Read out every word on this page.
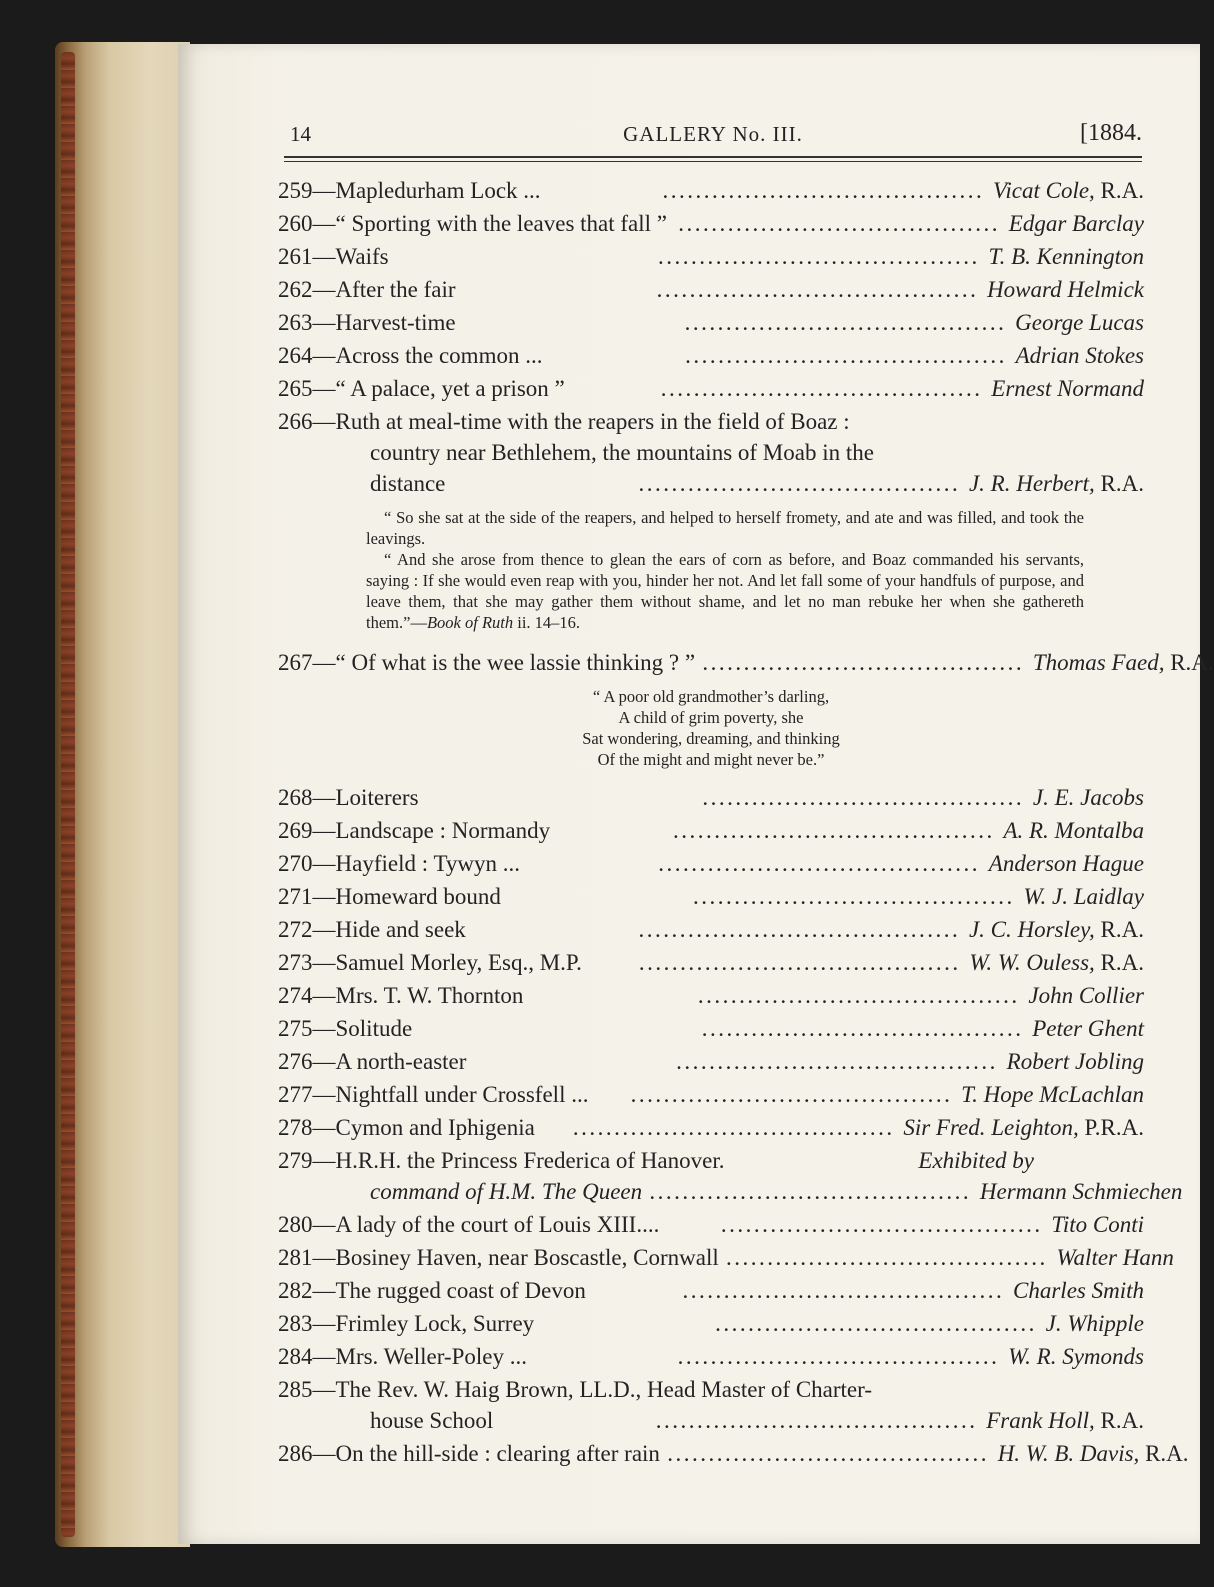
14	GALLERY No. III.	[1884.
259—Mapledurham Lock ...	....................................... Vicat Cole, R.A.
260—“ Sporting with the leaves that fall ” ....................................... Edgar Barclay
261—Waifs	....................................... T. B. Kennington
262—After the fair	....................................... Howard Helmick
263—Harvest-time	....................................... George Lucas
264—Across the common ...	....................................... Adrian Stokes
265—“ A palace, yet a prison ”	....................................... Ernest Normand
266—Ruth at meal-time with the reapers in the field of Boaz :
country near Bethlehem, the mountains of Moab in the
distance	....................................... J. R. Herbert, R.A.

“ So she sat at the side of the reapers, and helped to herself fromety, and ate and was filled, and took the leavings.

“ And she arose from thence to glean the ears of corn as before, and Boaz commanded his servants, saying : If she would even reap with you, hinder her not. And let fall some of your handfuls of purpose, and leave them, that she may gather them without shame, and let no man rebuke her when she gathereth them.”—Book of Ruth ii. 14–16.

267—“ Of what is the wee lassie thinking ? ” ....................................... Thomas Faed, R.A.
“ A poor old grandmother’s darling,
A child of grim poverty, she
Sat wondering, dreaming, and thinking
Of the might and might never be.”
268—Loiterers	....................................... J. E. Jacobs
269—Landscape : Normandy	....................................... A. R. Montalba
270—Hayfield : Tywyn ...	....................................... Anderson Hague
271—Homeward bound	....................................... W. J. Laidlay
272—Hide and seek	....................................... J. C. Horsley, R.A.
273—Samuel Morley, Esq., M.P.	....................................... W. W. Ouless, R.A.
274—Mrs. T. W. Thornton	....................................... John Collier
275—Solitude	....................................... Peter Ghent
276—A north-easter	....................................... Robert Jobling
277—Nightfall under Crossfell ...	....................................... T. Hope McLachlan
278—Cymon and Iphigenia	....................................... Sir Fred. Leighton, P.R.A.
279—H.R.H. the Princess Frederica of Hanover.	Exhibited by
command of H.M. The Queen ....................................... Hermann Schmiechen
280—A lady of the court of Louis XIII....	....................................... Tito Conti
281—Bosiney Haven, near Boscastle, Cornwall ....................................... Walter Hann
282—The rugged coast of Devon	....................................... Charles Smith
283—Frimley Lock, Surrey	....................................... J. Whipple
284—Mrs. Weller-Poley ...	....................................... W. R. Symonds
285—The Rev. W. Haig Brown, LL.D., Head Master of Charter-
house School	....................................... Frank Holl, R.A.
286—On the hill-side : clearing after rain ....................................... H. W. B. Davis, R.A.
